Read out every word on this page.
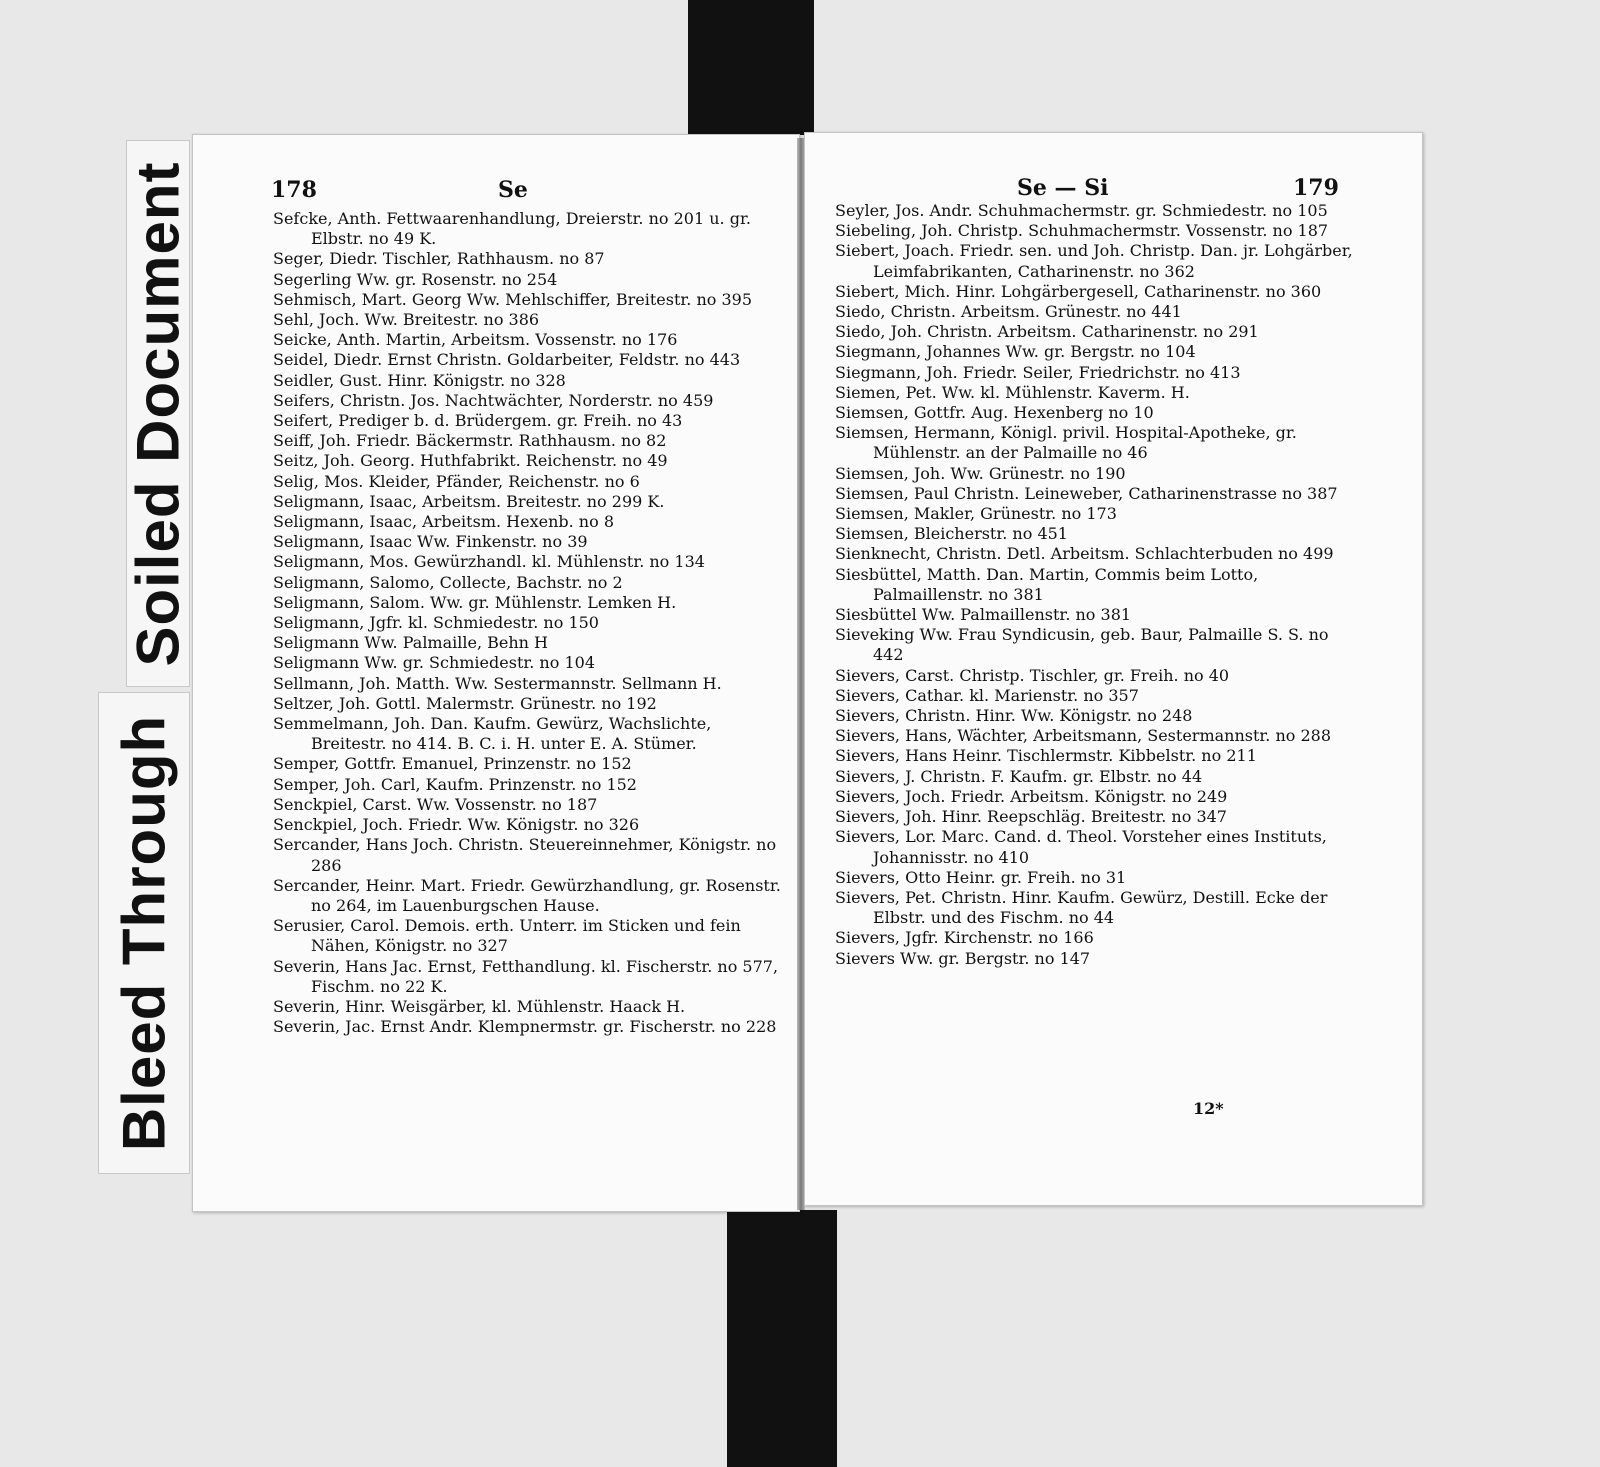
Soiled Document
Bleed Through
178	Se
Sefcke, Anth. Fettwaarenhandlung, Dreierstr. no 201 u. gr. Elbstr. no 49 K.
Seger, Diedr. Tischler, Rathhausm. no 87
Segerling Ww. gr. Rosenstr. no 254
Sehmisch, Mart. Georg Ww. Mehlschiffer, Breitestr. no 395
Sehl, Joch. Ww. Breitestr. no 386
Seicke, Anth. Martin, Arbeitsm. Vossenstr. no 176
Seidel, Diedr. Ernst Christn. Goldarbeiter, Feldstr. no 443
Seidler, Gust. Hinr. Königstr. no 328
Seifers, Christn. Jos. Nachtwächter, Norderstr. no 459
Seifert, Prediger b. d. Brüdergem. gr. Freih. no 43
Seiff, Joh. Friedr. Bäckermstr. Rathhausm. no 82
Seitz, Joh. Georg. Huthfabrikt. Reichenstr. no 49
Selig, Mos. Kleider, Pfänder, Reichenstr. no 6
Seligmann, Isaac, Arbeitsm. Breitestr. no 299 K.
Seligmann, Isaac, Arbeitsm. Hexenb. no 8
Seligmann, Isaac Ww. Finkenstr. no 39
Seligmann, Mos. Gewürzhandl. kl. Mühlenstr. no 134
Seligmann, Salomo, Collecte, Bachstr. no 2
Seligmann, Salom. Ww. gr. Mühlenstr. Lemken H.
Seligmann, Jgfr. kl. Schmiedestr. no 150
Seligmann Ww. Palmaille, Behn H
Seligmann Ww. gr. Schmiedestr. no 104
Sellmann, Joh. Matth. Ww. Sestermannstr. Sellmann H.
Seltzer, Joh. Gottl. Malermstr. Grünestr. no 192
Semmelmann, Joh. Dan. Kaufm. Gewürz, Wachslichte, Breitestr. no 414. B. C. i. H. unter E. A. Stümer.
Semper, Gottfr. Emanuel, Prinzenstr. no 152
Semper, Joh. Carl, Kaufm. Prinzenstr. no 152
Senckpiel, Carst. Ww. Vossenstr. no 187
Senckpiel, Joch. Friedr. Ww. Königstr. no 326
Sercander, Hans Joch. Christn. Steuereinnehmer, Königstr. no 286
Sercander, Heinr. Mart. Friedr. Gewürzhandlung, gr. Rosenstr. no 264, im Lauenburgschen Hause.
Serusier, Carol. Demois. erth. Unterr. im Sticken und fein Nähen, Königstr. no 327
Severin, Hans Jac. Ernst, Fetthandlung. kl. Fischerstr. no 577, Fischm. no 22 K.
Severin, Hinr. Weisgärber, kl. Mühlenstr. Haack H.
Severin, Jac. Ernst Andr. Klempnermstr. gr. Fischerstr. no 228
Se — Si	179
Seyler, Jos. Andr. Schuhmachermstr. gr. Schmiedestr. no 105
Siebeling, Joh. Christp. Schuhmachermstr. Vossenstr. no 187
Siebert, Joach. Friedr. sen. und Joh. Christp. Dan. jr. Lohgärber, Leimfabrikanten, Catharinenstr. no 362
Siebert, Mich. Hinr. Lohgärbergesell, Catharinenstr. no 360
Siedo, Christn. Arbeitsm. Grünestr. no 441
Siedo, Joh. Christn. Arbeitsm. Catharinenstr. no 291
Siegmann, Johannes Ww. gr. Bergstr. no 104
Siegmann, Joh. Friedr. Seiler, Friedrichstr. no 413
Siemen, Pet. Ww. kl. Mühlenstr. Kaverm. H.
Siemsen, Gottfr. Aug. Hexenberg no 10
Siemsen, Hermann, Königl. privil. Hospital-Apotheke, gr. Mühlenstr. an der Palmaille no 46
Siemsen, Joh. Ww. Grünestr. no 190
Siemsen, Paul Christn. Leineweber, Catharinenstrasse no 387
Siemsen, Makler, Grünestr. no 173
Siemsen, Bleicherstr. no 451
Sienknecht, Christn. Detl. Arbeitsm. Schlachterbuden no 499
Siesbüttel, Matth. Dan. Martin, Commis beim Lotto, Palmaillenstr. no 381
Siesbüttel Ww. Palmaillenstr. no 381
Sieveking Ww. Frau Syndicusin, geb. Baur, Palmaille S. S. no 442
Sievers, Carst. Christp. Tischler, gr. Freih. no 40
Sievers, Cathar. kl. Marienstr. no 357
Sievers, Christn. Hinr. Ww. Königstr. no 248
Sievers, Hans, Wächter, Arbeitsmann, Sestermannstr. no 288
Sievers, Hans Heinr. Tischlermstr. Kibbelstr. no 211
Sievers, J. Christn. F. Kaufm. gr. Elbstr. no 44
Sievers, Joch. Friedr. Arbeitsm. Königstr. no 249
Sievers, Joh. Hinr. Reepschläg. Breitestr. no 347
Sievers, Lor. Marc. Cand. d. Theol. Vorsteher eines Instituts, Johannisstr. no 410
Sievers, Otto Heinr. gr. Freih. no 31
Sievers, Pet. Christn. Hinr. Kaufm. Gewürz, Destill. Ecke der Elbstr. und des Fischm. no 44
Sievers, Jgfr. Kirchenstr. no 166
Sievers Ww. gr. Bergstr. no 147
12*
